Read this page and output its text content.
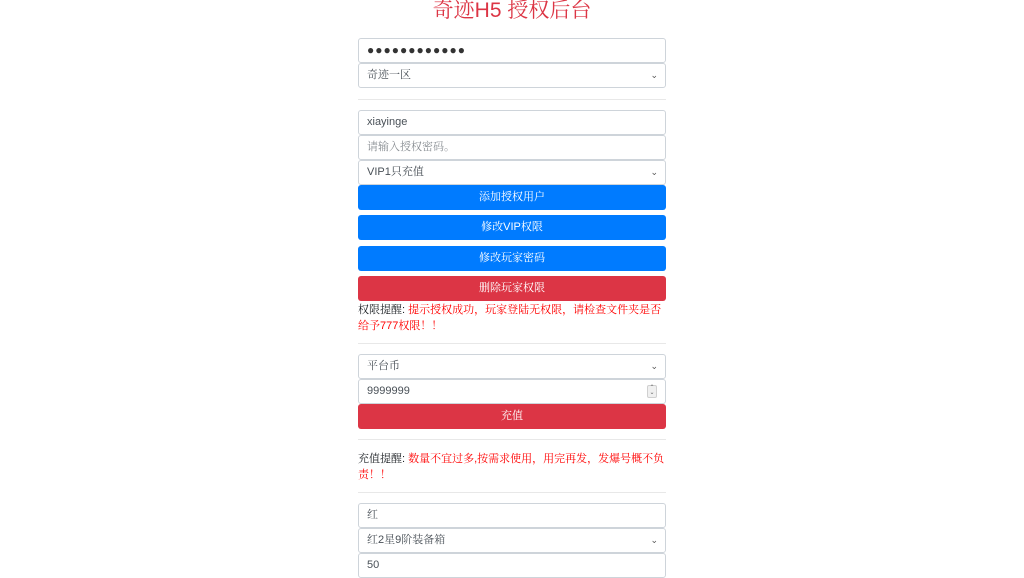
奇迹H5 授权后台
●●●●●●●●●●●●
奇迹一区	⌄
xiayinge
请输入授权密码。
VIP1只充值	⌄
添加授权用户
修改VIP权限
修改玩家密码
删除玩家权限
权限提醒: 提示授权成功，玩家登陆无权限，请检查文件夹是否给予777权限！！
平台币	⌄
9999999	⌃
⌄
充值
充值提醒: 数量不宜过多,按需求使用，用完再发，发爆号概不负责！！
红
红2星9阶装备箱	⌄
50
